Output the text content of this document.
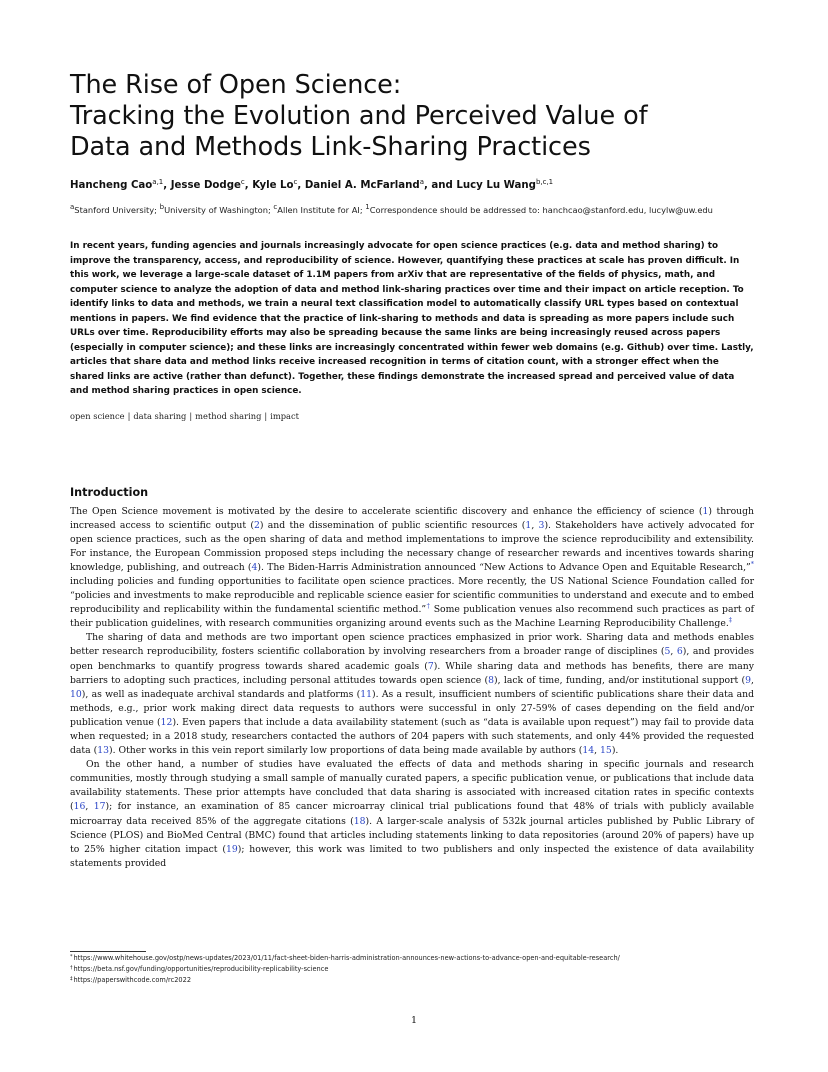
The Rise of Open Science:
Tracking the Evolution and Perceived Value of
Data and Methods Link-Sharing Practices
Hancheng Cao$^{a,1}$, Jesse Dodge$^c$, Kyle Lo$^c$, Daniel A. McFarland$^a$, and Lucy Lu Wang$^{b,c,1}$
$^a$Stanford University; $^b$University of Washington; $^c$Allen Institute for AI; $^1$Correspondence should be addressed to: hanchcao@stanford.edu, lucylw@uw.edu

In recent years, funding agencies and journals increasingly advocate for open science practices (e.g. data and method sharing) to improve the transparency, access, and reproducibility of science. However, quantifying these practices at scale has proven difficult. In this work, we leverage a large-scale dataset of 1.1M papers from arXiv that are representative of the fields of physics, math, and computer science to analyze the adoption of data and method link-sharing practices over time and their impact on article reception. To identify links to data and methods, we train a neural text classification model to automatically classify URL types based on contextual mentions in papers. We find evidence that the practice of link-sharing to methods and data is spreading as more papers include such URLs over time. Reproducibility efforts may also be spreading because the same links are being increasingly reused across papers (especially in computer science); and these links are increasingly concentrated within fewer web domains (e.g. Github) over time. Lastly, articles that share data and method links receive increased recognition in terms of citation count, with a stronger effect when the shared links are active (rather than defunct). Together, these findings demonstrate the increased spread and perceived value of data and method sharing practices in open science.

open science | data sharing | method sharing | impact
Introduction

The Open Science movement is motivated by the desire to accelerate scientific discovery and enhance the efficiency of science (1) through increased access to scientific output (2) and the dissemination of public scientific resources (1, 3). Stakeholders have actively advocated for open science practices, such as the open sharing of data and method implementations to improve the science reproducibility and extensibility. For instance, the European Commission proposed steps including the necessary change of researcher rewards and incentives towards sharing knowledge, publishing, and outreach (4). The Biden-Harris Administration announced “New Actions to Advance Open and Equitable Research,”* including policies and funding opportunities to facilitate open science practices. More recently, the US National Science Foundation called for “policies and investments to make reproducible and replicable science easier for scientific communities to understand and execute and to embed reproducibility and replicability within the fundamental scientific method.”† Some publication venues also recommend such practices as part of their publication guidelines, with research communities organizing around events such as the Machine Learning Reproducibility Challenge.‡

The sharing of data and methods are two important open science practices emphasized in prior work. Sharing data and methods enables better research reproducibility, fosters scientific collaboration by involving researchers from a broader range of disciplines (5, 6), and provides open benchmarks to quantify progress towards shared academic goals (7). While sharing data and methods has benefits, there are many barriers to adopting such practices, including personal attitudes towards open science (8), lack of time, funding, and/or institutional support (9, 10), as well as inadequate archival standards and platforms (11). As a result, insufficient numbers of scientific publications share their data and methods, e.g., prior work making direct data requests to authors were successful in only 27-59% of cases depending on the field and/or publication venue (12). Even papers that include a data availability statement (such as “data is available upon request”) may fail to provide data when requested; in a 2018 study, researchers contacted the authors of 204 papers with such statements, and only 44% provided the requested data (13). Other works in this vein report similarly low proportions of data being made available by authors (14, 15).

On the other hand, a number of studies have evaluated the effects of data and methods sharing in specific journals and research communities, mostly through studying a small sample of manually curated papers, a specific publication venue, or publications that include data availability statements. These prior attempts have concluded that data sharing is associated with increased citation rates in specific contexts (16, 17); for instance, an examination of 85 cancer microarray clinical trial publications found that 48% of trials with publicly available microarray data received 85% of the aggregate citations (18). A larger-scale analysis of 532k journal articles published by Public Library of Science (PLOS) and BioMed Central (BMC) found that articles including statements linking to data repositories (around 20% of papers) have up to 25% higher citation impact (19); however, this work was limited to two publishers and only inspected the existence of data availability statements provided

*https://www.whitehouse.gov/ostp/news-updates/2023/01/11/fact-sheet-biden-harris-administration-announces-new-actions-to-advance-open-and-equitable-research/
†https://beta.nsf.gov/funding/opportunities/reproducibility-replicability-science
‡https://paperswithcode.com/rc2022
1
